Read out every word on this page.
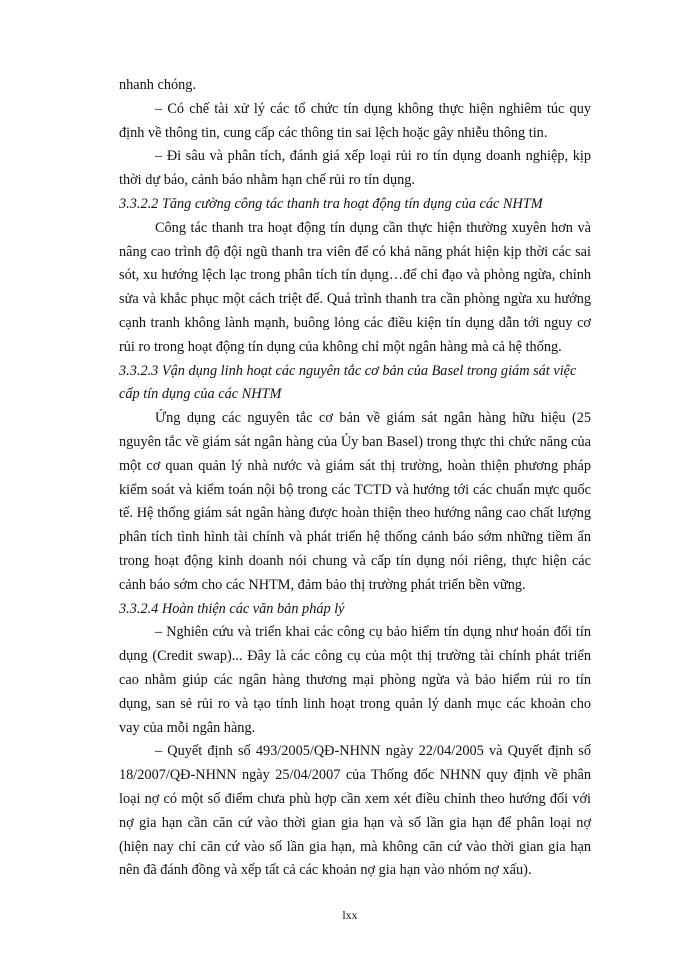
nhanh chóng.

– Có chế tài xử lý các tổ chức tín dụng không thực hiện nghiêm túc quy định về thông tin, cung cấp các thông tin sai lệch hoặc gây nhiễu thông tin.

– Đi sâu và phân tích, đánh giá xếp loại rủi ro tín dụng doanh nghiệp, kịp thời dự báo, cảnh báo nhằm hạn chế rủi ro tín dụng.

3.3.2.2 Tăng cường công tác thanh tra hoạt động tín dụng của các NHTM

Công tác thanh tra hoạt động tín dụng cần thực hiện thường xuyên hơn và nâng cao trình độ đội ngũ thanh tra viên để có khả năng phát hiện kịp thời các sai sót, xu hướng lệch lạc trong phân tích tín dụng…để chỉ đạo và phòng ngừa, chỉnh sửa và khắc phục một cách triệt để. Quá trình thanh tra cần phòng ngừa xu hướng cạnh tranh không lành mạnh, buông lỏng các điều kiện tín dụng dẫn tới nguy cơ rủi ro trong hoạt động tín dụng của không chỉ một ngân hàng mà cả hệ thống.

3.3.2.3 Vận dụng linh hoạt các nguyên tắc cơ bản của Basel trong giám sát việc cấp tín dụng của các NHTM

Ứng dụng các nguyên tắc cơ bản về giám sát ngân hàng hữu hiệu (25 nguyên tắc về giám sát ngân hàng của Ủy ban Basel) trong thực thi chức năng của một cơ quan quản lý nhà nước và giám sát thị trường, hoàn thiện phương pháp kiểm soát và kiểm toán nội bộ trong các TCTD và hướng tới các chuẩn mực quốc tế. Hệ thống giám sát ngân hàng được hoàn thiện theo hướng nâng cao chất lượng phân tích tình hình tài chính và phát triển hệ thống cảnh báo sớm những tiềm ẩn trong hoạt động kinh doanh nói chung và cấp tín dụng nói riêng, thực hiện các cảnh báo sớm cho các NHTM, đảm bảo thị trường phát triển bền vững.

3.3.2.4 Hoàn thiện các văn bản pháp lý

– Nghiên cứu và triển khai các công cụ bảo hiểm tín dụng như hoán đổi tín dụng (Credit swap)... Đây là các công cụ của một thị trường tài chính phát triển cao nhằm giúp các ngân hàng thương mại phòng ngừa và bảo hiểm rủi ro tín dụng, san sẻ rủi ro và tạo tính linh hoạt trong quản lý danh mục các khoản cho vay của mỗi ngân hàng.

– Quyết định số 493/2005/QĐ-NHNN ngày 22/04/2005 và Quyết định số 18/2007/QĐ-NHNN ngày 25/04/2007 của Thống đốc NHNN quy định về phân loại nợ có một số điểm chưa phù hợp cần xem xét điều chỉnh theo hướng đối với nợ gia hạn cần căn cứ vào thời gian gia hạn và số lần gia hạn để phân loại nợ (hiện nay chỉ căn cứ vào số lần gia hạn, mà không căn cứ vào thời gian gia hạn nên đã đánh đồng và xếp tất cả các khoản nợ gia hạn vào nhóm nợ xấu).

lxx
